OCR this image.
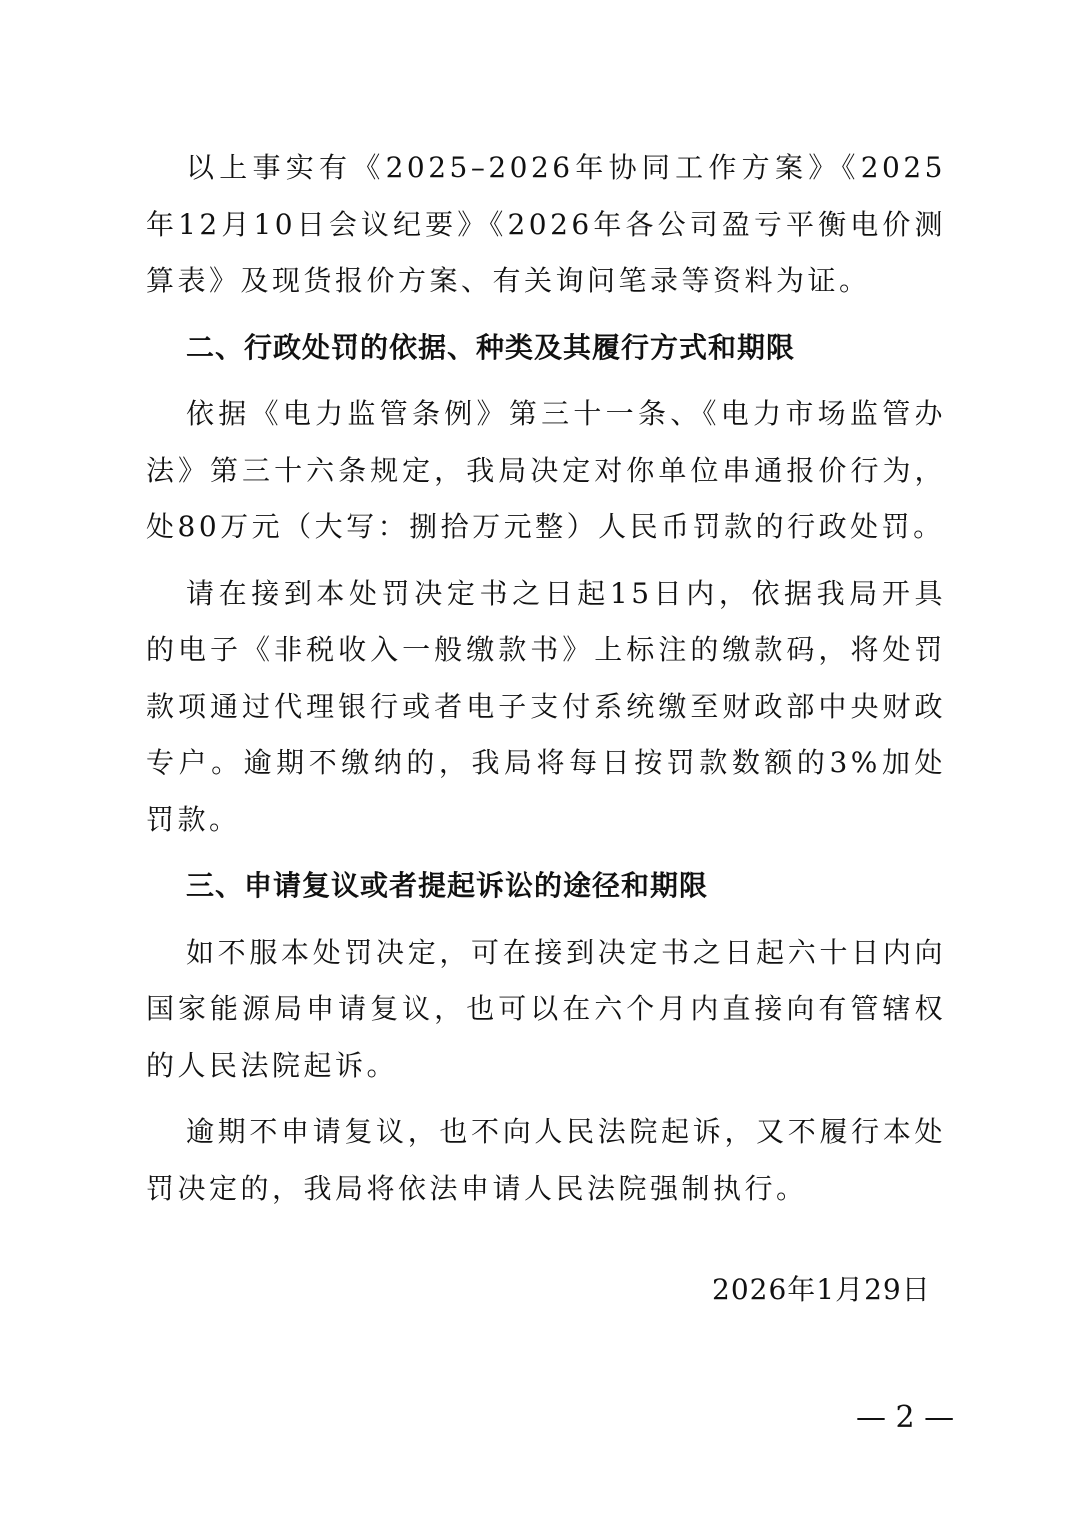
以上事实有《2025–2026年协同工作方案》《2025年12月10日会议纪要》《2026年各公司盈亏平衡电价测算表》及现货报价方案、有关询问笔录等资料为证。

二、行政处罚的依据、种类及其履行方式和期限

依据《电力监管条例》第三十一条、《电力市场监管办法》第三十六条规定，我局决定对你单位串通报价行为，处80万元（大写：捌拾万元整）人民币罚款的行政处罚。

请在接到本处罚决定书之日起15日内，依据我局开具的电子《非税收入一般缴款书》上标注的缴款码，将处罚款项通过代理银行或者电子支付系统缴至财政部中央财政专户。逾期不缴纳的，我局将每日按罚款数额的3%加处罚款。

三、申请复议或者提起诉讼的途径和期限

如不服本处罚决定，可在接到决定书之日起六十日内向国家能源局申请复议，也可以在六个月内直接向有管辖权的人民法院起诉。

逾期不申请复议，也不向人民法院起诉，又不履行本处罚决定的，我局将依法申请人民法院强制执行。

2026年1月29日
— 2 —
